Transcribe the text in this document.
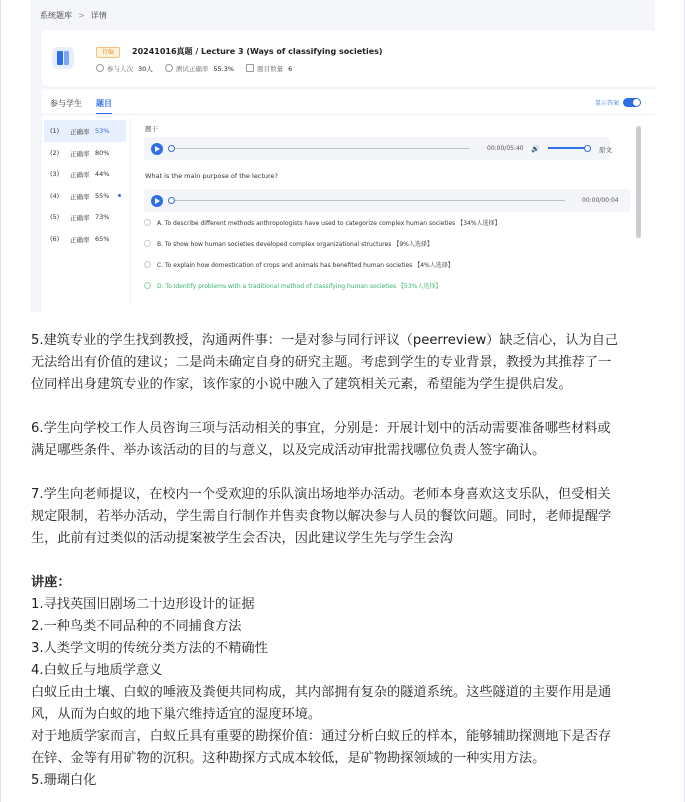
系统题库 > 详情
待编	20241016真题 / Lecture 3 (Ways of classifying societies)
参与人次 30人	测试正确率 55.3%	题目数量 6
参与学生 题目	显示答案
(1) 正确率 53%
(2) 正确率 80%
(3) 正确率 44%
(4) 正确率 55%
(5) 正确率 73%
(6) 正确率 65%
题干
00:00/05:40 🔊	原文
What is the main purpose of the lecture?
00:00/00:04
A. To describe different methods anthropologists have used to categorize complex human societies 【34%人选择】
B. To show how human societies developed complex organizational structures 【9%人选择】
C. To explain how domestication of crops and animals has benefited human societies 【4%人选择】
D. To identify problems with a traditional method of classifying human societies 【53%人选择】
5.建筑专业的学生找到教授，沟通两件事：一是对参与同行评议（peerreview）缺乏信心，认为自己
无法给出有价值的建议；二是尚未确定自身的研究主题。考虑到学生的专业背景，教授为其推荐了一
位同样出身建筑专业的作家，该作家的小说中融入了建筑相关元素，希望能为学生提供启发。
6.学生向学校工作人员咨询三项与活动相关的事宜，分别是：开展计划中的活动需要准备哪些材料或
满足哪些条件、举办该活动的目的与意义，以及完成活动审批需找哪位负责人签字确认。
7.学生向老师提议，在校内一个受欢迎的乐队演出场地举办活动。老师本身喜欢这支乐队，但受相关
规定限制，若举办活动，学生需自行制作并售卖食物以解决参与人员的餐饮问题。同时，老师提醒学
生，此前有过类似的活动提案被学生会否决，因此建议学生先与学生会沟
讲座：
1.寻找英国旧剧场二十边形设计的证据
2.一种鸟类不同品种的不同捕食方法
3.人类学文明的传统分类方法的不精确性
4.白蚁丘与地质学意义
白蚁丘由土壤、白蚁的唾液及粪便共同构成，其内部拥有复杂的隧道系统。这些隧道的主要作用是通
风，从而为白蚁的地下巢穴维持适宜的湿度环境。
对于地质学家而言，白蚁丘具有重要的勘探价值：通过分析白蚁丘的样本，能够辅助探测地下是否存
在锌、金等有用矿物的沉积。这种勘探方式成本较低，是矿物勘探领域的一种实用方法。
5.珊瑚白化
